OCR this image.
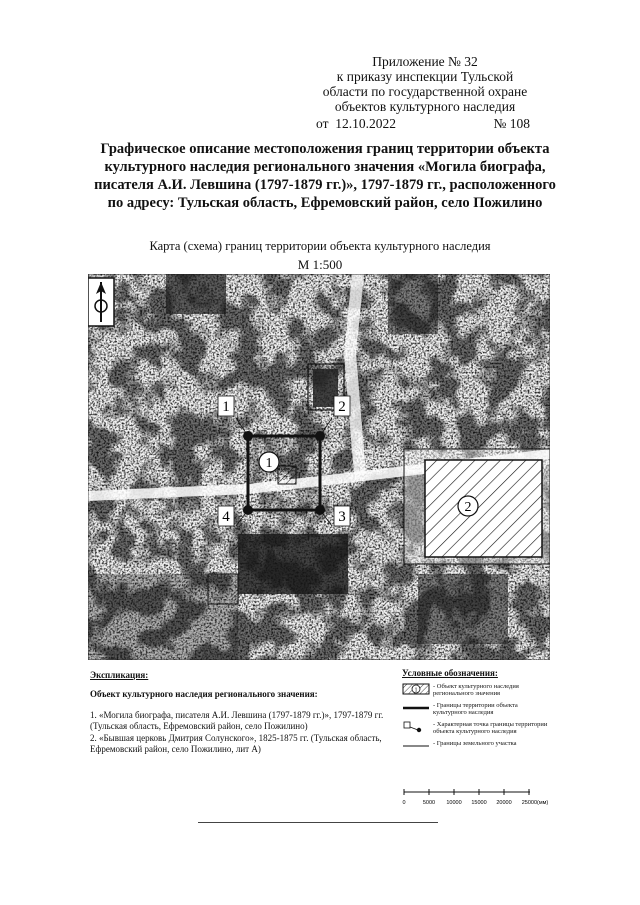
Приложение № 32
к приказу инспекции Тульской
области по государственной охране
объектов культурного наследия
от 12.10.2022	№ 108
Графическое описание местоположения границ территории объекта культурного наследия регионального значения «Могила биографа, писателя А.И. Левшина (1797-1879 гг.)», 1797-1879 гг., расположенного по адресу: Тульская область, Ефремовский район, село Пожилино
Карта (схема) границ территории объекта культурного наследия
М 1:500
2
1
1	2
3
4
Экспликация:
Объект культурного наследия регионального значения:
1. «Могила биографа, писателя А.И. Левшина (1797-1879 гг.)», 1797-1879 гг. (Тульская область, Ефремовский район, село Пожилино)
2. «Бывшая церковь Дмитрия Солунского», 1825-1875 гг. (Тульская область, Ефремовский район, село Пожилино, лит А)
Условные обозначения:
1
- Объект культурного наследия регионального значения
- Границы территории объекта культурного наследия
- Характерная точка границы территории объекта культурного наследия
- Границы земельного участка
0	5000 10000 15000 20000 25000(мм)
